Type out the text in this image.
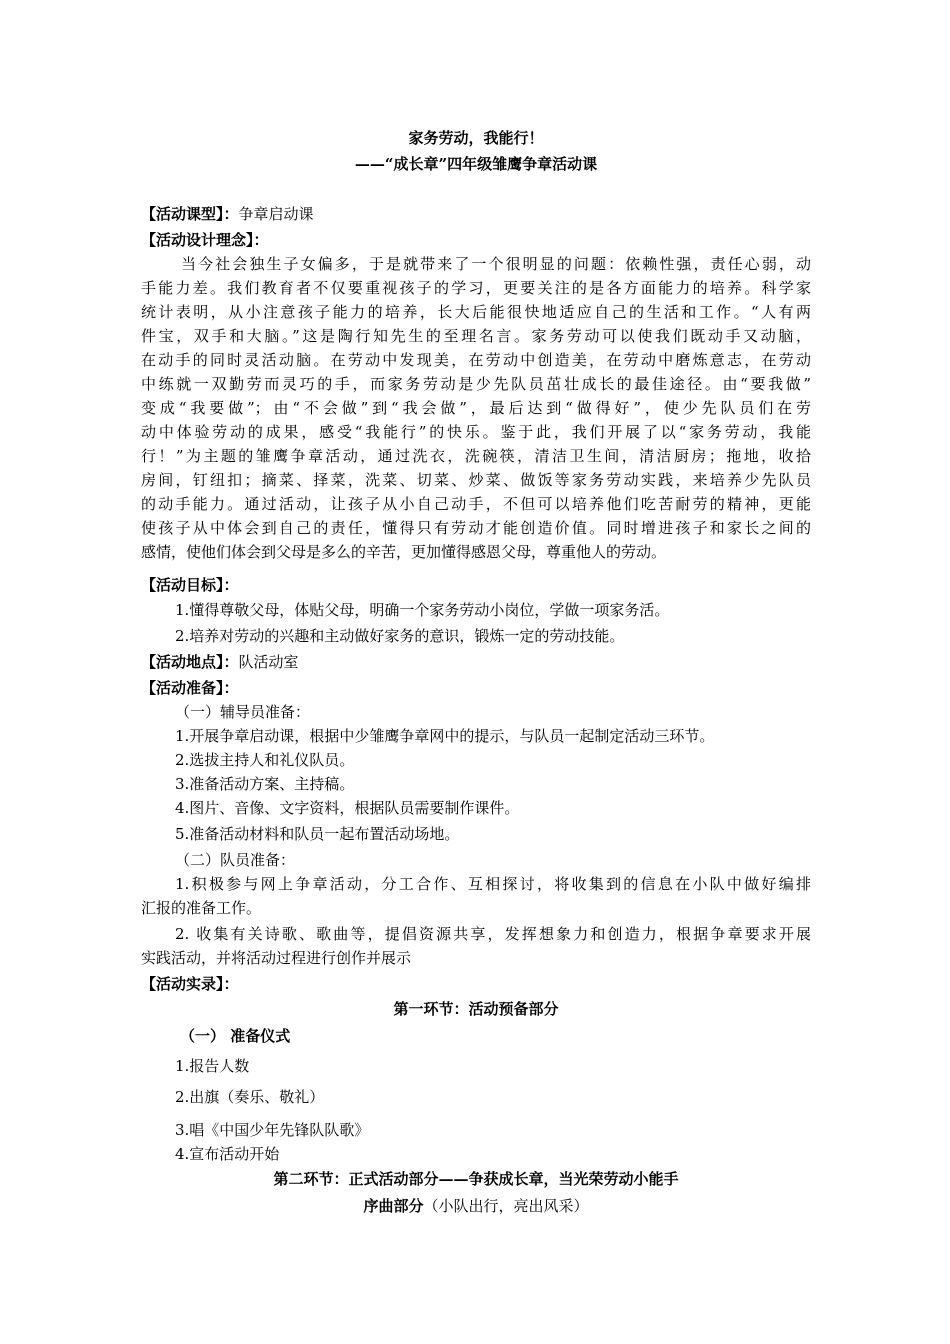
家务劳动，我能行！
——“成长章”四年级雏鹰争章活动课
【活动课型】：争章启动课
【活动设计理念】：
当今社会独生子女偏多，于是就带来了一个很明显的问题：依赖性强，责任心弱，动
手能力差。我们教育者不仅要重视孩子的学习，更要关注的是各方面能力的培养。科学家
统计表明，从小注意孩子能力的培养，长大后能很快地适应自己的生活和工作。“人有两
件宝，双手和大脑。”这是陶行知先生的至理名言。家务劳动可以使我们既动手又动脑，
在动手的同时灵活动脑。在劳动中发现美，在劳动中创造美，在劳动中磨炼意志，在劳动
中练就一双勤劳而灵巧的手，而家务劳动是少先队员茁壮成长的最佳途径。由“要我做”
变成“我要做”；由“不会做”到“我会做”，最后达到“做得好”，使少先队员们在劳
动中体验劳动的成果，感受“我能行”的快乐。鉴于此，我们开展了以“家务劳动，我能
行！”为主题的雏鹰争章活动，通过洗衣，洗碗筷，清洁卫生间，清洁厨房；拖地，收拾
房间，钉纽扣；摘菜、择菜，洗菜、切菜、炒菜、做饭等家务劳动实践，来培养少先队员
的动手能力。通过活动，让孩子从小自己动手，不但可以培养他们吃苦耐劳的精神，更能
使孩子从中体会到自己的责任，懂得只有劳动才能创造价值。同时增进孩子和家长之间的
感情，使他们体会到父母是多么的辛苦，更加懂得感恩父母，尊重他人的劳动。
【活动目标】：
1.懂得尊敬父母，体贴父母，明确一个家务劳动小岗位，学做一项家务活。
2.培养对劳动的兴趣和主动做好家务的意识，锻炼一定的劳动技能。
【活动地点】：队活动室
【活动准备】：
（一）辅导员准备：
1.开展争章启动课，根据中少雏鹰争章网中的提示，与队员一起制定活动三环节。
2.选拔主持人和礼仪队员。
3.准备活动方案、主持稿。
4.图片、音像、文字资料，根据队员需要制作课件。
5.准备活动材料和队员一起布置活动场地。
（二）队员准备：
1.积极参与网上争章活动，分工合作、互相探讨，将收集到的信息在小队中做好编排
汇报的准备工作。
2. 收集有关诗歌、歌曲等，提倡资源共享，发挥想象力和创造力，根据争章要求开展
实践活动，并将活动过程进行创作并展示
【活动实录】：
第一环节：活动预备部分
（一） 准备仪式
1.报告人数
2.出旗（奏乐、敬礼）
3.唱《中国少年先锋队队歌》
4.宣布活动开始
第二环节：正式活动部分——争获成长章，当光荣劳动小能手
序曲部分（小队出行，亮出风采）
